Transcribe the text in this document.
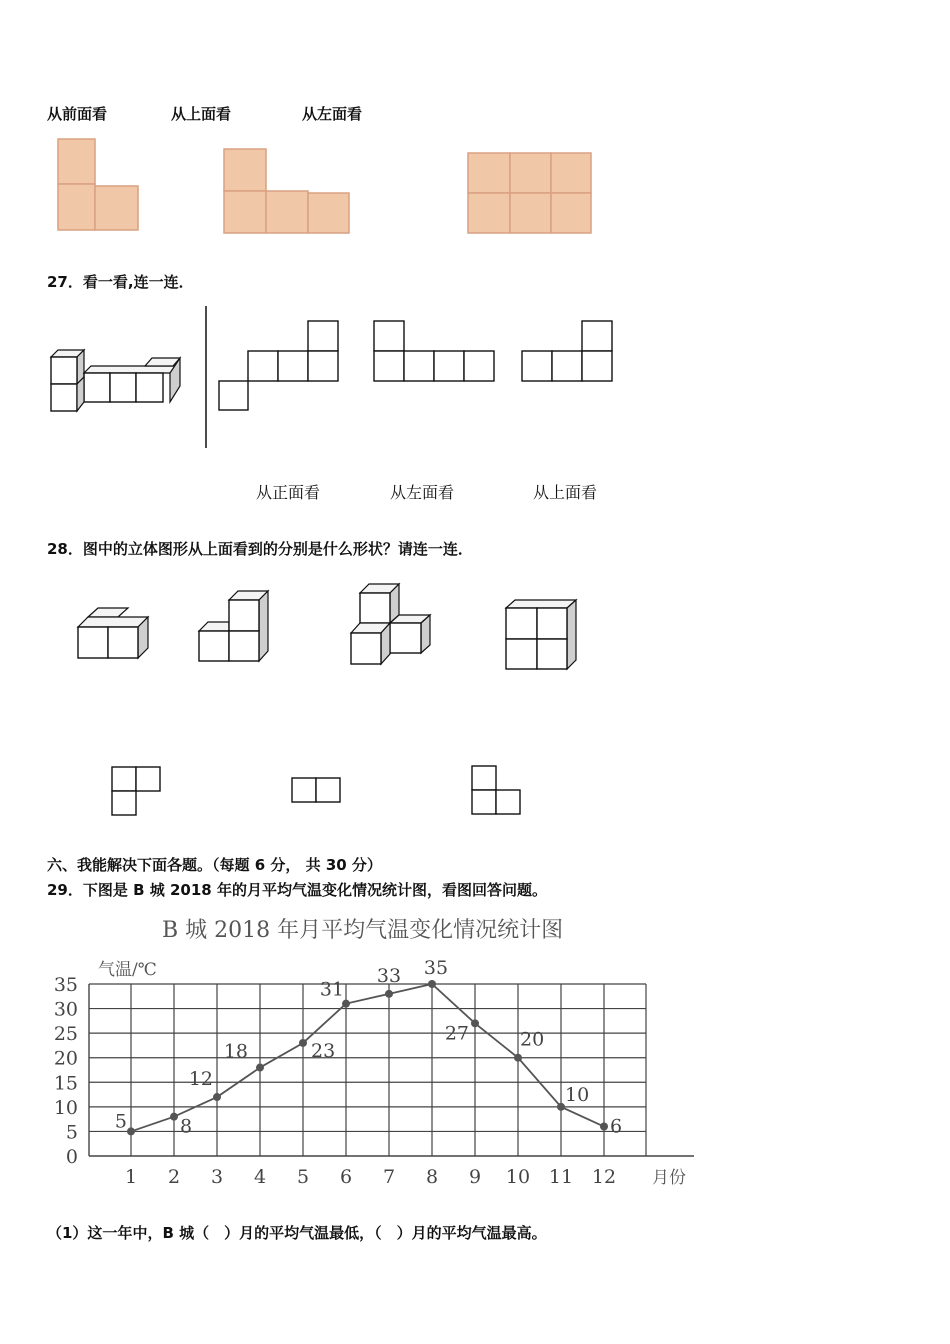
从前面看	从上面看	从左面看
27．看一看,连一连．
从正面看	从左面看	从上面看
28．图中的立体图形从上面看到的分别是什么形状？请连一连．
六、我能解决下面各题。（每题 6 分， 共 30 分）
29．下图是 B 城 2018 年的月平均气温变化情况统计图，看图回答问题。
B 城 2018 年月平均气温变化情况统计图
0
5
10
15
20
25
30
35
1 2 3 4 5 6 7 8 9 10 11 12
5	8
12
18	23
31
33 35
27	20
10
6
气温/℃
月份
（1）这一年中，B 城（　）月的平均气温最低，（　）月的平均气温最高。
